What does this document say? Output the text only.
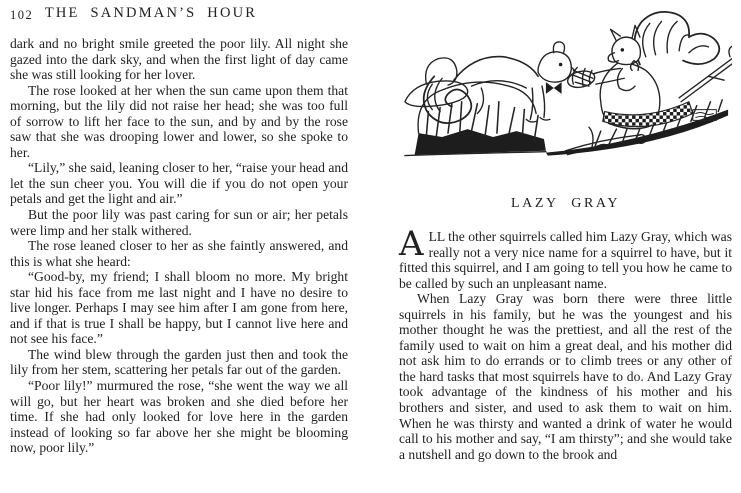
102 THE SANDMAN’S HOUR

dark and no bright smile greeted the poor lily. All night she gazed into the dark sky, and when the first light of day came she was still looking for her lover.

The rose looked at her when the sun came upon them that morning, but the lily did not raise her head; she was too full of sorrow to lift her face to the sun, and by and by the rose saw that she was drooping lower and lower, so she spoke to her.

“Lily,” she said, leaning closer to her, “raise your head and let the sun cheer you. You will die if you do not open your petals and get the light and air.”

But the poor lily was past caring for sun or air; her petals were limp and her stalk withered.

The rose leaned closer to her as she faintly answered, and this is what she heard:

“Good-by, my friend; I shall bloom no more. My bright star hid his face from me last night and I have no desire to live longer. Perhaps I may see him after I am gone from here, and if that is true I shall be happy, but I cannot live here and not see his face.”

The wind blew through the garden just then and took the lily from her stem, scattering her petals far out of the garden.

“Poor lily!” murmured the rose, “she went the way we all will go, but her heart was broken and she died before her time. If she had only looked for love here in the garden instead of looking so far above her she might be blooming now, poor lily.”

LAZY GRAY

ALL the other squirrels called him Lazy Gray, which was really not a very nice name for a squirrel to have, but it fitted this squirrel, and I am going to tell you how he came to be called by such an unpleasant name.

When Lazy Gray was born there were three little squirrels in his family, but he was the youngest and his mother thought he was the prettiest, and all the rest of the family used to wait on him a great deal, and his mother did not ask him to do errands or to climb trees or any other of the hard tasks that most squirrels have to do. And Lazy Gray took advantage of the kindness of his mother and his brothers and sister, and used to ask them to wait on him. When he was thirsty and wanted a drink of water he would call to his mother and say, “I am thirsty”; and she would take a nutshell and go down to the brook and
